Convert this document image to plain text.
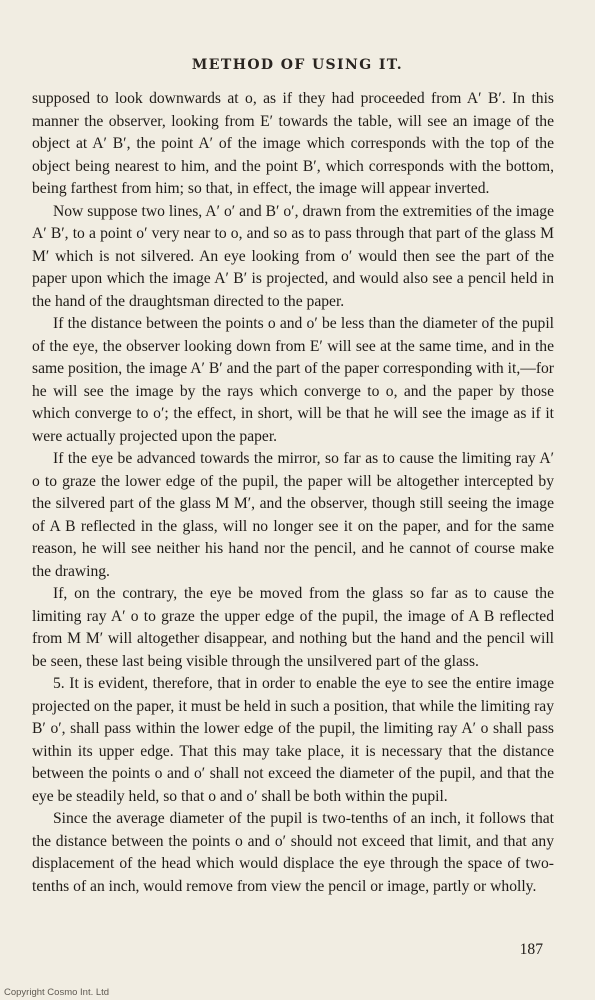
METHOD OF USING IT.

supposed to look downwards at o, as if they had proceeded from A′ B′. In this manner the observer, looking from E′ towards the table, will see an image of the object at A′ B′, the point A′ of the image which corresponds with the top of the object being nearest to him, and the point B′, which corresponds with the bottom, being farthest from him; so that, in effect, the image will appear inverted.

Now suppose two lines, A′ o′ and B′ o′, drawn from the extremities of the image A′ B′, to a point o′ very near to o, and so as to pass through that part of the glass M M′ which is not silvered. An eye looking from o′ would then see the part of the paper upon which the image A′ B′ is projected, and would also see a pencil held in the hand of the draughtsman directed to the paper.

If the distance between the points o and o′ be less than the diameter of the pupil of the eye, the observer looking down from E′ will see at the same time, and in the same position, the image A′ B′ and the part of the paper corresponding with it,—for he will see the image by the rays which converge to o, and the paper by those which converge to o′; the effect, in short, will be that he will see the image as if it were actually projected upon the paper.

If the eye be advanced towards the mirror, so far as to cause the limiting ray A′ o to graze the lower edge of the pupil, the paper will be altogether intercepted by the silvered part of the glass M M′, and the observer, though still seeing the image of A B reflected in the glass, will no longer see it on the paper, and for the same reason, he will see neither his hand nor the pencil, and he cannot of course make the drawing.

If, on the contrary, the eye be moved from the glass so far as to cause the limiting ray A′ o to graze the upper edge of the pupil, the image of A B reflected from M M′ will altogether disappear, and nothing but the hand and the pencil will be seen, these last being visible through the unsilvered part of the glass.

5. It is evident, therefore, that in order to enable the eye to see the entire image projected on the paper, it must be held in such a position, that while the limiting ray B′ o′, shall pass within the lower edge of the pupil, the limiting ray A′ o shall pass within its upper edge. That this may take place, it is necessary that the distance between the points o and o′ shall not exceed the diameter of the pupil, and that the eye be steadily held, so that o and o′ shall be both within the pupil.

Since the average diameter of the pupil is two-tenths of an inch, it follows that the distance between the points o and o′ should not exceed that limit, and that any displacement of the head which would displace the eye through the space of two-tenths of an inch, would remove from view the pencil or image, partly or wholly.

187
Copyright Cosmo Int. Ltd
